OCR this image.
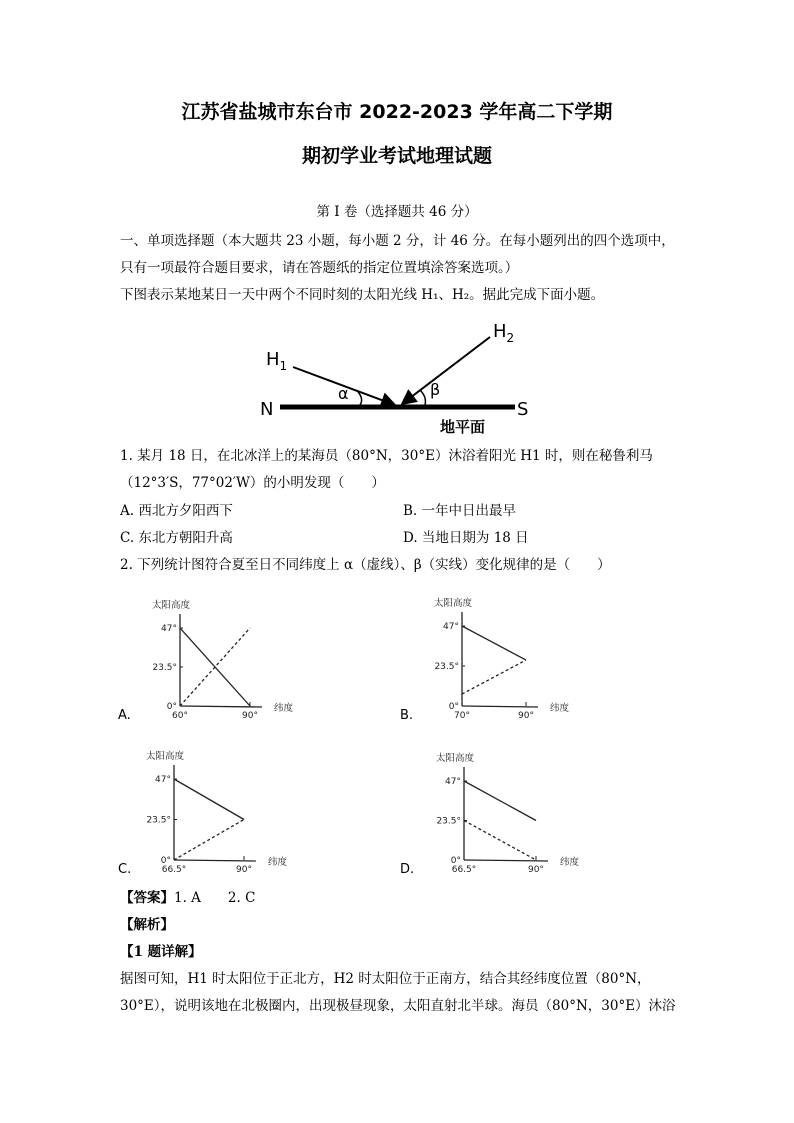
江苏省盐城市东台市 2022-2023 学年高二下学期
期初学业考试地理试题
第 I 卷（选择题共 46 分）
一、单项选择题（本大题共 23 小题，每小题 2 分，计 46 分。在每小题列出的四个选项中，
只有一项最符合题目要求，请在答题纸的指定位置填涂答案选项。）
下图表示某地某日一天中两个不同时刻的太阳光线 H₁、H₂。据此完成下面小题。
$H_1$
$H_2$
α	β
N	S
地平面
1. 某月 18 日，在北冰洋上的某海员（80°N，30°E）沐浴着阳光 H1 时，则在秘鲁利马
（12°3′S，77°02′W）的小明发现（　　）
A. 西北方夕阳西下	B. 一年中日出最早
C. 东北方朝阳升高	D. 当地日期为 18 日
2. 下列统计图符合夏至日不同纬度上 α（虚线）、β（实线）变化规律的是（　　）
47°
23.5°
0°
60°	90°
太阳高度
纬度
A.
47°
23.5°
0°
70°	90°
太阳高度
纬度
B.
47°
23.5°
0°
66.5°	90°
太阳高度
纬度
C.
47°
23.5°
0°
66.5°	90°
太阳高度
纬度
D.
【答案】1. A　　2. C
【解析】
【1 题详解】
据图可知，H1 时太阳位于正北方，H2 时太阳位于正南方，结合其经纬度位置（80°N，
30°E），说明该地在北极圈内，出现极昼现象，太阳直射北半球。海员（80°N，30°E）沐浴
